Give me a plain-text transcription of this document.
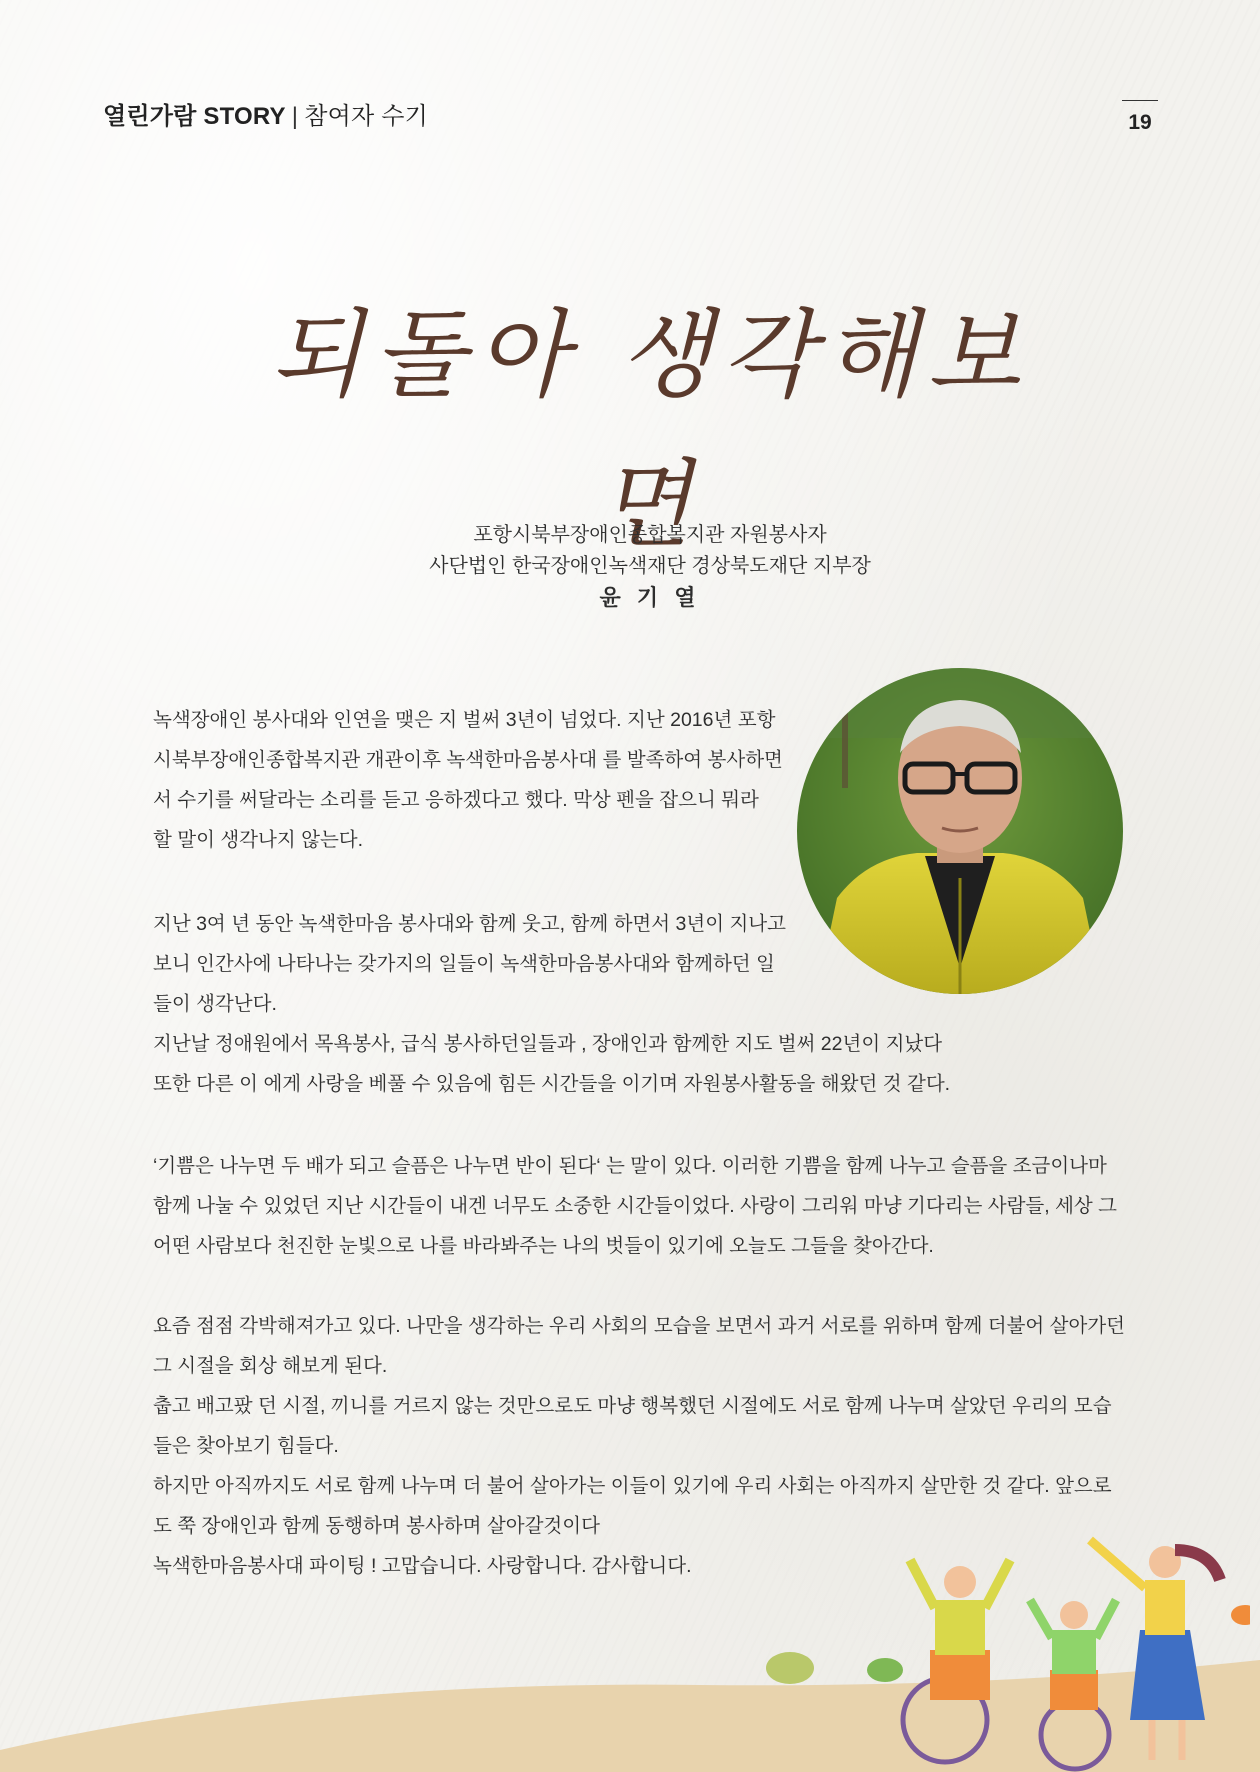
열린가람 STORY | 참여자 수기	19
되돌아 생각해보면
포항시북부장애인종합복지관 자원봉사자
사단법인 한국장애인녹색재단 경상북도재단 지부장
윤 기 열

녹색장애인 봉사대와 인연을 맺은 지 벌써 3년이 넘었다. 지난 2016년 포항시북부장애인종합복지관 개관이후 녹색한마음봉사대 를 발족하여 봉사하면서 수기를 써달라는 소리를 듣고 응하겠다고 했다. 막상 펜을 잡으니 뭐라 할 말이 생각나지 않는다.

지난 3여 년 동안 녹색한마음 봉사대와 함께 웃고, 함께 하면서 3년이 지나고 보니 인간사에 나타나는 갖가지의 일들이 녹색한마음봉사대와 함께하던 일들이 생각난다.
지난날 정애원에서 목욕봉사, 급식 봉사하던일들과 , 장애인과 함께한 지도 벌써 22년이 지났다
또한 다른 이 에게 사랑을 베풀 수 있음에 힘든 시간들을 이기며 자원봉사활동을 해왔던 것 같다.

‘기쁨은 나누면 두 배가 되고 슬픔은 나누면 반이 된다‘ 는 말이 있다. 이러한 기쁨을 함께 나누고 슬픔을 조금이나마 함께 나눌 수 있었던 지난 시간들이 내겐 너무도 소중한 시간들이었다. 사랑이 그리워 마냥 기다리는 사람들, 세상 그 어떤 사람보다 천진한 눈빛으로 나를 바라봐주는 나의 벗들이 있기에 오늘도 그들을 찾아간다.

요즘 점점 각박해져가고 있다. 나만을 생각하는 우리 사회의 모습을 보면서 과거 서로를 위하며 함께 더불어 살아가던 그 시절을 회상 해보게 된다.
춥고 배고팠 던 시절, 끼니를 거르지 않는 것만으로도 마냥 행복했던 시절에도 서로 함께 나누며 살았던 우리의 모습들은 찾아보기 힘들다.
하지만 아직까지도 서로 함께 나누며 더 불어 살아가는 이들이 있기에 우리 사회는 아직까지 살만한 것 같다. 앞으로도 쭉 장애인과 함께 동행하며 봉사하며 살아갈것이다
녹색한마음봉사대 파이팅 ! 고맙습니다. 사랑합니다. 감사합니다.
